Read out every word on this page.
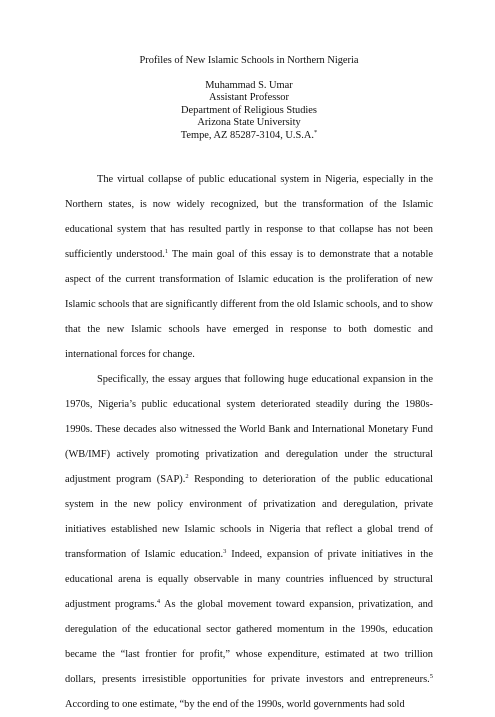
Profiles of New Islamic Schools in Northern Nigeria
Muhammad S. Umar
Assistant Professor
Department of Religious Studies
Arizona State University
Tempe, AZ 85287-3104, U.S.A.*

The virtual collapse of public educational system in Nigeria, especially in the Northern states, is now widely recognized, but the transformation of the Islamic educational system that has resulted partly in response to that collapse has not been sufficiently understood.$^1$ The main goal of this essay is to demonstrate that a notable aspect of the current transformation of Islamic education is the proliferation of new Islamic schools that are significantly different from the old Islamic schools, and to show that the new Islamic schools have emerged in response to both domestic and international forces for change.

Specifically, the essay argues that following huge educational expansion in the 1970s, Nigeria’s public educational system deteriorated steadily during the 1980s-1990s. These decades also witnessed the World Bank and International Monetary Fund (WB/IMF) actively promoting privatization and deregulation under the structural adjustment program (SAP).$^2$ Responding to deterioration of the public educational system in the new policy environment of privatization and deregulation, private initiatives established new Islamic schools in Nigeria that reflect a global trend of transformation of Islamic education.$^3$ Indeed, expansion of private initiatives in the educational arena is equally observable in many countries influenced by structural adjustment programs.$^4$ As the global movement toward expansion, privatization, and deregulation of the educational sector gathered momentum in the 1990s, education became the “last frontier for profit,” whose expenditure, estimated at two trillion dollars, presents irresistible opportunities for private investors and entrepreneurs.$^5$ According to one estimate, “by the end of the 1990s, world governments had sold
